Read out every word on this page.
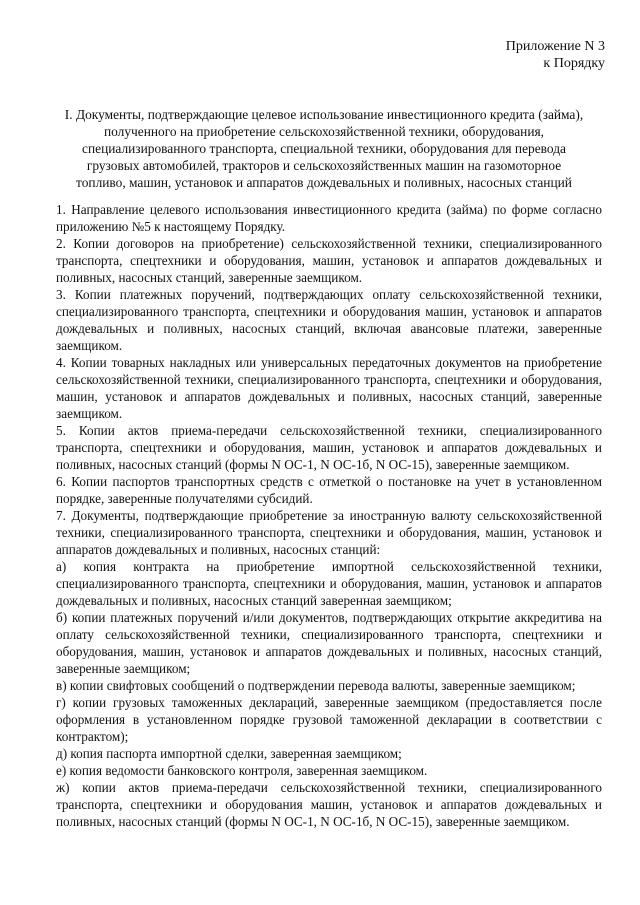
Приложение N 3
к Порядку
I. Документы, подтверждающие целевое использование инвестиционного кредита (займа), полученного на приобретение сельскохозяйственной техники, оборудования, специализированного транспорта, специальной техники, оборудования для перевода грузовых автомобилей, тракторов и сельскохозяйственных машин на газомоторное топливо, машин, установок и аппаратов дождевальных и поливных, насосных станций

1. Направление целевого использования инвестиционного кредита (займа) по форме согласно приложению №5 к настоящему Порядку.

2. Копии договоров на приобретение) сельскохозяйственной техники, специализированного транспорта, спецтехники и оборудования, машин, установок и аппаратов дождевальных и поливных, насосных станций, заверенные заемщиком.

3. Копии платежных поручений, подтверждающих оплату сельскохозяйственной техники, специализированного транспорта, спецтехники и оборудования машин, установок и аппаратов дождевальных и поливных, насосных станций, включая авансовые платежи, заверенные заемщиком.

4. Копии товарных накладных или универсальных передаточных документов на приобретение сельскохозяйственной техники, специализированного транспорта, спецтехники и оборудования, машин, установок и аппаратов дождевальных и поливных, насосных станций, заверенные заемщиком.

5. Копии актов приема-передачи сельскохозяйственной техники, специализированного транспорта, спецтехники и оборудования, машин, установок и аппаратов дождевальных и поливных, насосных станций (формы N ОС-1, N ОС-1б, N ОС-15), заверенные заемщиком.

6. Копии паспортов транспортных средств с отметкой о постановке на учет в установленном порядке, заверенные получателями субсидий.

7. Документы, подтверждающие приобретение за иностранную валюту сельскохозяйственной техники, специализированного транспорта, спецтехники и оборудования, машин, установок и аппаратов дождевальных и поливных, насосных станций:

а) копия контракта на приобретение импортной сельскохозяйственной техники, специализированного транспорта, спецтехники и оборудования, машин, установок и аппаратов дождевальных и поливных, насосных станций заверенная заемщиком;

б) копии платежных поручений и/или документов, подтверждающих открытие аккредитива на оплату сельскохозяйственной техники, специализированного транспорта, спецтехники и оборудования, машин, установок и аппаратов дождевальных и поливных, насосных станций, заверенные заемщиком;

в) копии свифтовых сообщений о подтверждении перевода валюты, заверенные заемщиком;

г) копии грузовых таможенных деклараций, заверенные заемщиком (предоставляется после оформления в установленном порядке грузовой таможенной декларации в соответствии с контрактом);

д) копия паспорта импортной сделки, заверенная заемщиком;

е) копия ведомости банковского контроля, заверенная заемщиком.

ж) копии актов приема-передачи сельскохозяйственной техники, специализированного транспорта, спецтехники и оборудования машин, установок и аппаратов дождевальных и поливных, насосных станций (формы N ОС-1, N ОС-1б, N ОС-15), заверенные заемщиком.
